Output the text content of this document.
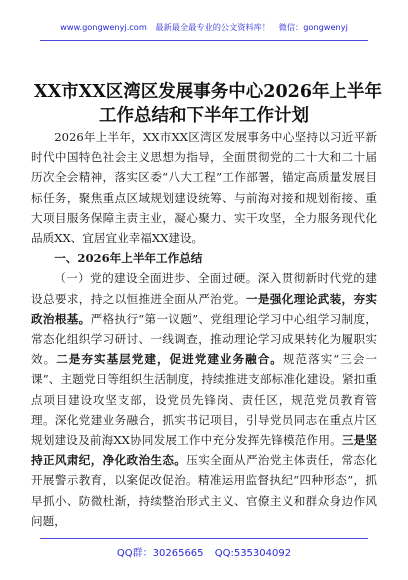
www.gongwenyj.com 最新最全最专业的公文资料库！ 微信：gongwenyj
XX市XX区湾区发展事务中心2026年上半年
工作总结和下半年工作计划

2026年上半年，XX市XX区湾区发展事务中心坚持以习近平新时代中国特色社会主义思想为指导，全面贯彻党的二十大和二十届历次全会精神，落实区委“八大工程”工作部署，锚定高质量发展目标任务，聚焦重点区域规划建设统筹、与前海对接和规划衔接、重大项目服务保障主责主业，凝心聚力、实干攻坚，全力服务现代化品质XX、宜居宜业幸福XX建设。

一、2026年上半年工作总结

（一）党的建设全面进步、全面过硬。深入贯彻新时代党的建设总要求，持之以恒推进全面从严治党。一是强化理论武装，夯实政治根基。严格执行“第一议题”、党组理论学习中心组学习制度，常态化组织学习研讨、一线调查，推动理论学习成果转化为履职实效。二是夯实基层党建，促进党建业务融合。规范落实“三会一课”、主题党日等组织生活制度，持续推进支部标准化建设。紧扣重点项目建设攻坚支部，设党员先锋岗、责任区，规范党员教育管理。深化党建业务融合，抓实书记项目，引导党员同志在重点片区规划建设及前海XX协同发展工作中充分发挥先锋模范作用。三是坚持正风肃纪，净化政治生态。压实全面从严治党主体责任，常态化开展警示教育，以案促改促治。精准运用监督执纪“四种形态”，抓早抓小、防微杜渐，持续整治形式主义、官僚主义和群众身边作风问题，

QQ群：30265665 QQ:535304092
